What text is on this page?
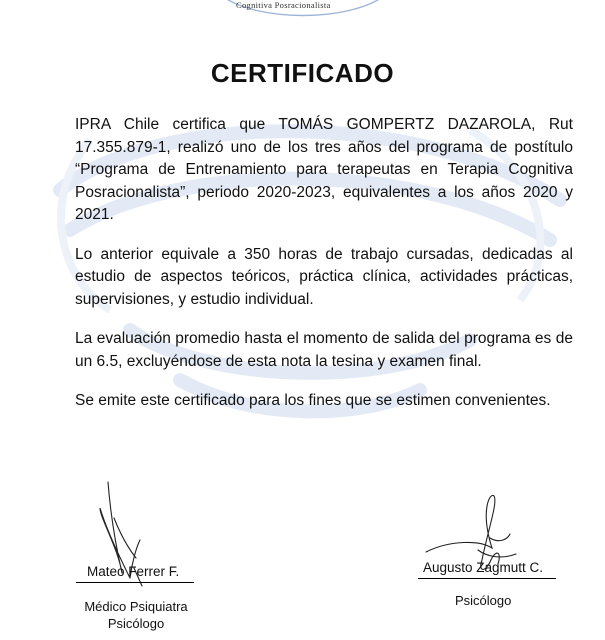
Cognitiva Posracionalista
CERTIFICADO

IPRA Chile certifica que TOMÁS GOMPERTZ DAZAROLA, Rut 17.355.879-1, realizó uno de los tres años del programa de postítulo “Programa de Entrenamiento para terapeutas en Terapia Cognitiva Posracionalista”, periodo 2020-2023, equivalentes a los años 2020 y 2021.

Lo anterior equivale a 350 horas de trabajo cursadas, dedicadas al estudio de aspectos teóricos, práctica clínica, actividades prácticas, supervisiones, y estudio individual.

La evaluación promedio hasta el momento de salida del programa es de un 6.5, excluyéndose de esta nota la tesina y examen final.

Se emite este certificado para los fines que se estimen convenientes.

Mateo Ferrer F.	Augusto Zagmutt C.
Médico Psiquiatra
Psicólogo
Psicólogo
